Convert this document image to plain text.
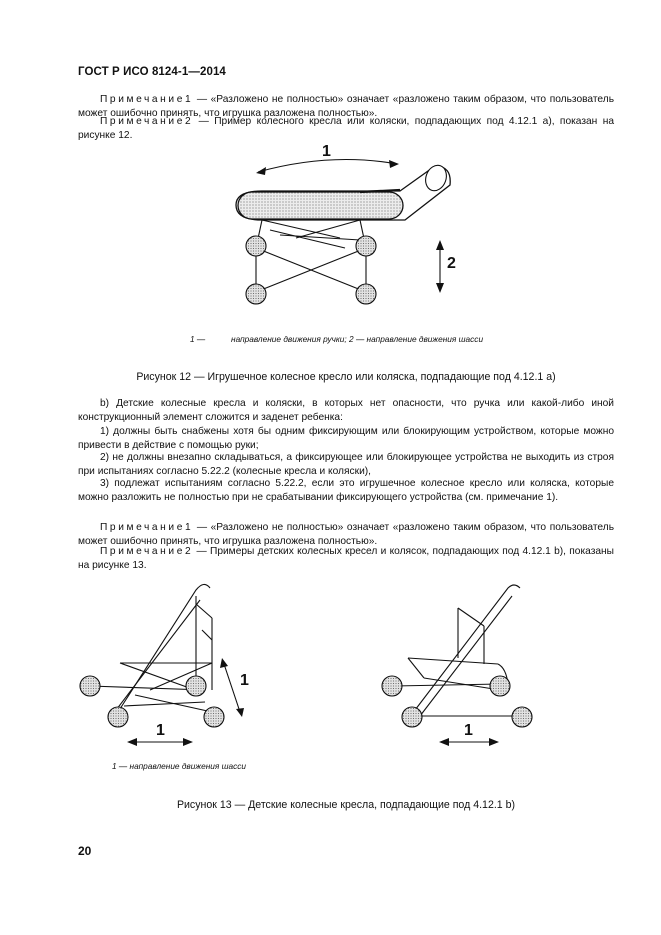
ГОСТ Р ИСО 8124-1—2014
Примечание1 — «Разложено не полностью» означает «разложено таким образом, что пользователь может ошибочно принять, что игрушка разложена полностью».
Примечание2 — Пример колесного кресла или коляски, подпадающих под 4.12.1 а), показан на рисунке 12.
1
2
1 —	направление движения ручки; 2 — направление движения шасси
Рисунок 12 — Игрушечное колесное кресло или коляска, подпадающие под 4.12.1 а)
b) Детские колесные кресла и коляски, в которых нет опасности, что ручка или какой-либо иной конструкционный элемент сложится и заденет ребенка:
1) должны быть снабжены хотя бы одним фиксирующим или блокирующим устройством, которые можно привести в действие с помощью руки;
2) не должны внезапно складываться, а фиксирующее или блокирующее устройства не выходить из строя при испытаниях согласно 5.22.2 (колесные кресла и коляски),
3) подлежат испытаниям согласно 5.22.2, если это игрушечное колесное кресло или коляска, которые можно разложить не полностью при не срабатывании фиксирующего устройства (см. примечание 1).
Примечание1 — «Разложено не полностью» означает «разложено таким образом, что пользователь может ошибочно принять, что игрушка разложена полностью».
Примечание2 — Примеры детских колесных кресел и колясок, подпадающих под 4.12.1 b), показаны на рисунке 13.
1
1	1
1 — направление движения шасси
Рисунок 13 — Детские колесные кресла, подпадающие под 4.12.1 b)
20
